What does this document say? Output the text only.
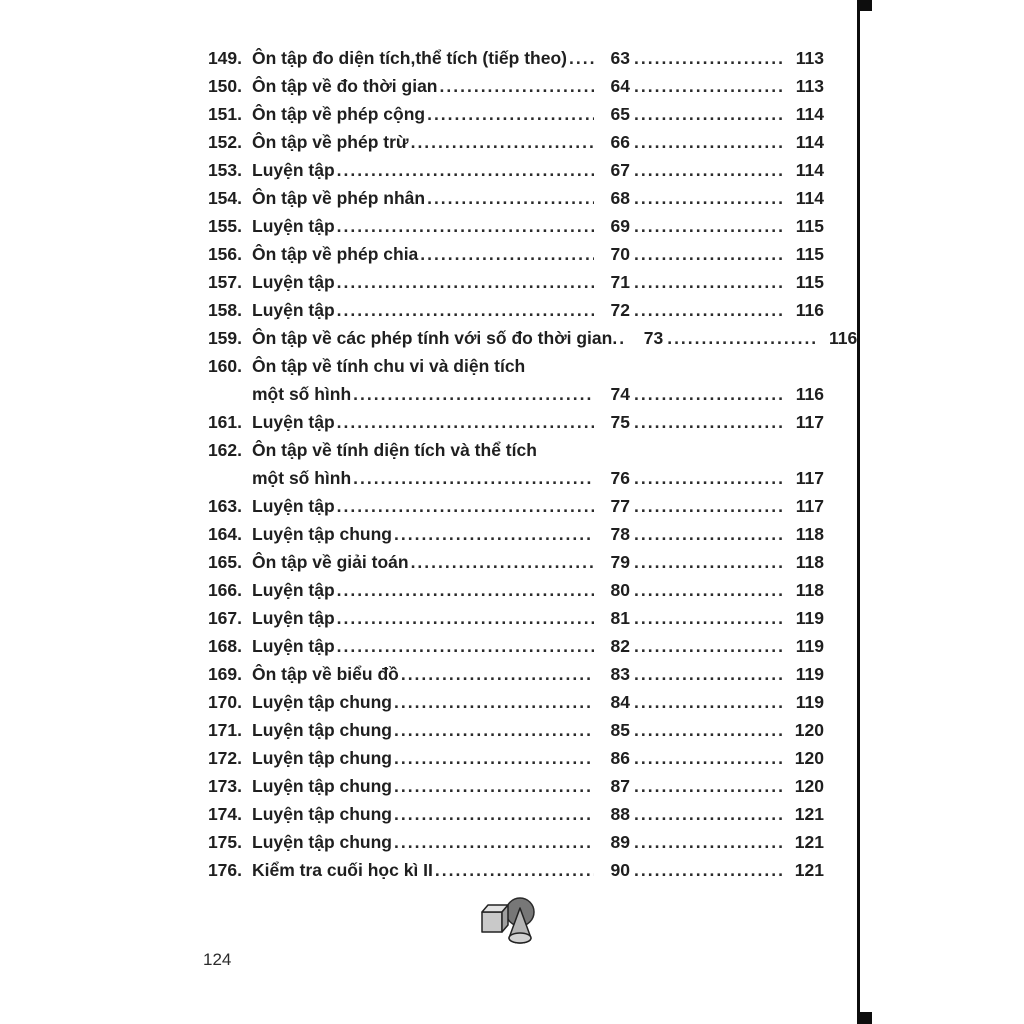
149. Ôn tập đo diện tích,thể tích (tiếp theo) .....	63 .....	113
150. Ôn tập về đo thời gian .....	64 .....	113
151. Ôn tập về phép cộng .....	65 .....	114
152. Ôn tập về phép trừ .....	66 .....	114
153. Luyện tập .....	67 .....	114
154. Ôn tập về phép nhân .....	68 .....	114
155. Luyện tập .....	69 .....	115
156. Ôn tập về phép chia .....	70 .....	115
157. Luyện tập .....	71 .....	115
158. Luyện tập .....	72 .....	116
159. Ôn tập về các phép tính với số đo thời gian. .....	73 .....	116
160. Ôn tập về tính chu vi và diện tích
một số hình .....	74 .....	116
161. Luyện tập .....	75 .....	117
162. Ôn tập về tính diện tích và thể tích
một số hình .....	76 .....	117
163. Luyện tập .....	77 .....	117
164. Luyện tập chung .....	78 .....	118
165. Ôn tập về giải toán .....	79 .....	118
166. Luyện tập .....	80 .....	118
167. Luyện tập .....	81 .....	119
168. Luyện tập .....	82 .....	119
169. Ôn tập về biểu đồ .....	83 .....	119
170. Luyện tập chung .....	84 .....	119
171. Luyện tập chung .....	85 .....	120
172. Luyện tập chung .....	86 .....	120
173. Luyện tập chung .....	87 .....	120
174. Luyện tập chung .....	88 .....	121
175. Luyện tập chung .....	89 .....	121
176. Kiểm tra cuối học kì II .....	90 .....	121
124
